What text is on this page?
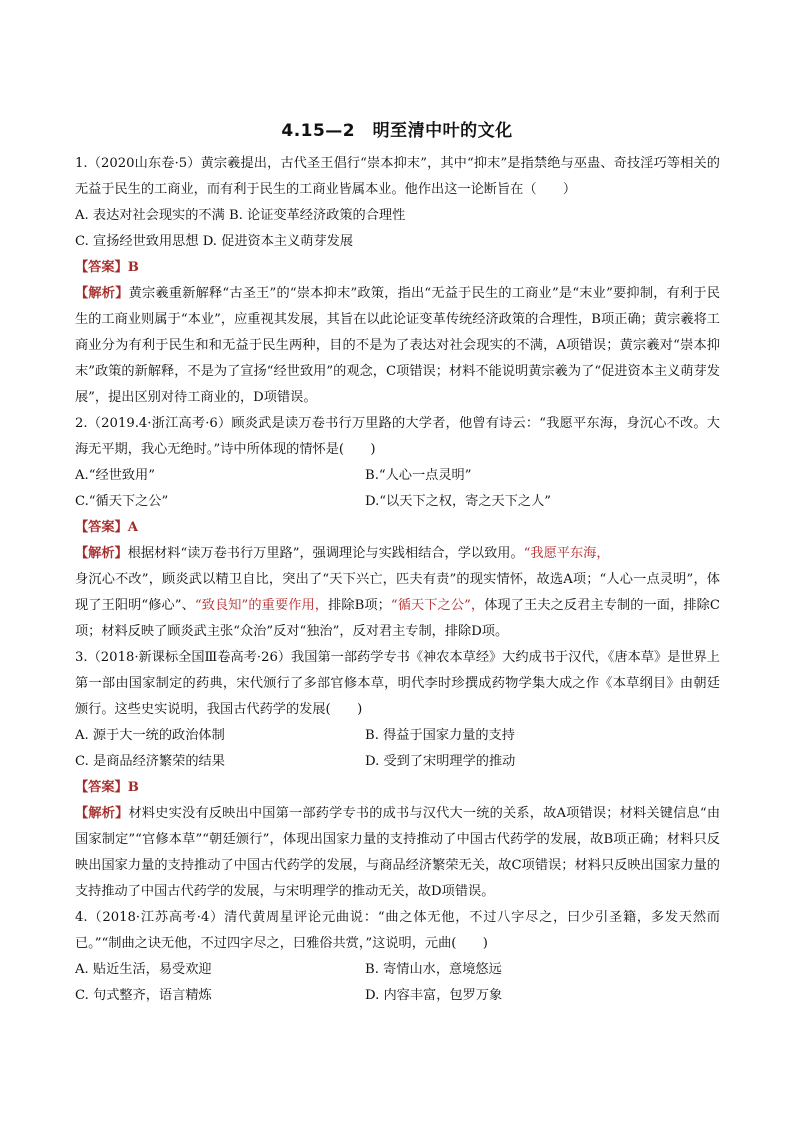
4.15—2　明至清中叶的文化

1.（2020山东卷·5）黄宗羲提出，古代圣王倡行“崇本抑末”，其中“抑末”是指禁绝与巫蛊、奇技淫巧等相关的无益于民生的工商业，而有利于民生的工商业皆属本业。他作出这一论断旨在（　　）

A. 表达对社会现实的不满 B. 论证变革经济政策的合理性

C. 宣扬经世致用思想 D. 促进资本主义萌芽发展

【答案】B

【解析】黄宗羲重新解释“古圣王”的“崇本抑末”政策，指出“无益于民生的工商业”是“末业”要抑制，有利于民生的工商业则属于“本业”，应重视其发展，其旨在以此论证变革传统经济政策的合理性，B项正确；黄宗羲将工商业分为有利于民生和和无益于民生两种，目的不是为了表达对社会现实的不满，A项错误；黄宗羲对“崇本抑末”政策的新解释，不是为了宣扬“经世致用”的观念，C项错误；材料不能说明黄宗羲为了“促进资本主义萌芽发展”，提出区别对待工商业的，D项错误。

2.（2019.4·浙江高考·6）顾炎武是读万卷书行万里路的大学者，他曾有诗云：“我愿平东海，身沉心不改。大海无平期，我心无绝时。”诗中所体现的情怀是(　　)

A.“经世致用”	B.“人心一点灵明”
C.“循天下之公”	D.“以天下之权，寄之天下之人”

【答案】A

【解析】根据材料“读万卷书行万里路”，强调理论与实践相结合，学以致用。“我愿平东海，
身沉心不改”，顾炎武以精卫自比，突出了“天下兴亡，匹夫有责”的现实情怀，故选A项；“人心一点灵明”，体现了王阳明“修心”、“致良知”的重要作用，排除B项；“循天下之公”，体现了王夫之反君主专制的一面，排除C项；材料反映了顾炎武主张“众治”反对“独治”，反对君主专制，排除D项。

3.（2018·新课标全国Ⅲ卷高考·26）我国第一部药学专书《神农本草经》大约成书于汉代，《唐本草》是世界上第一部由国家制定的药典，宋代颁行了多部官修本草，明代李时珍撰成药物学集大成之作《本草纲目》由朝廷颁行。这些史实说明，我国古代药学的发展(　　)

A. 源于大一统的政治体制	B. 得益于国家力量的支持
C. 是商品经济繁荣的结果	D. 受到了宋明理学的推动

【答案】B

【解析】材料史实没有反映出中国第一部药学专书的成书与汉代大一统的关系，故A项错误；材料关键信息“由国家制定”“官修本草”“朝廷颁行”，体现出国家力量的支持推动了中国古代药学的发展，故B项正确；材料只反映出国家力量的支持推动了中国古代药学的发展，与商品经济繁荣无关，故C项错误；材料只反映出国家力量的支持推动了中国古代药学的发展，与宋明理学的推动无关，故D项错误。

4.（2018·江苏高考·4）清代黄周星评论元曲说：“曲之体无他，不过八字尽之，曰少引圣籍，多发天然而已。”“制曲之诀无他，不过四字尽之，曰雅俗共赏，”这说明，元曲(　　)

A. 贴近生活，易受欢迎	B. 寄情山水，意境悠远
C. 句式整齐，语言精炼	D. 内容丰富，包罗万象
